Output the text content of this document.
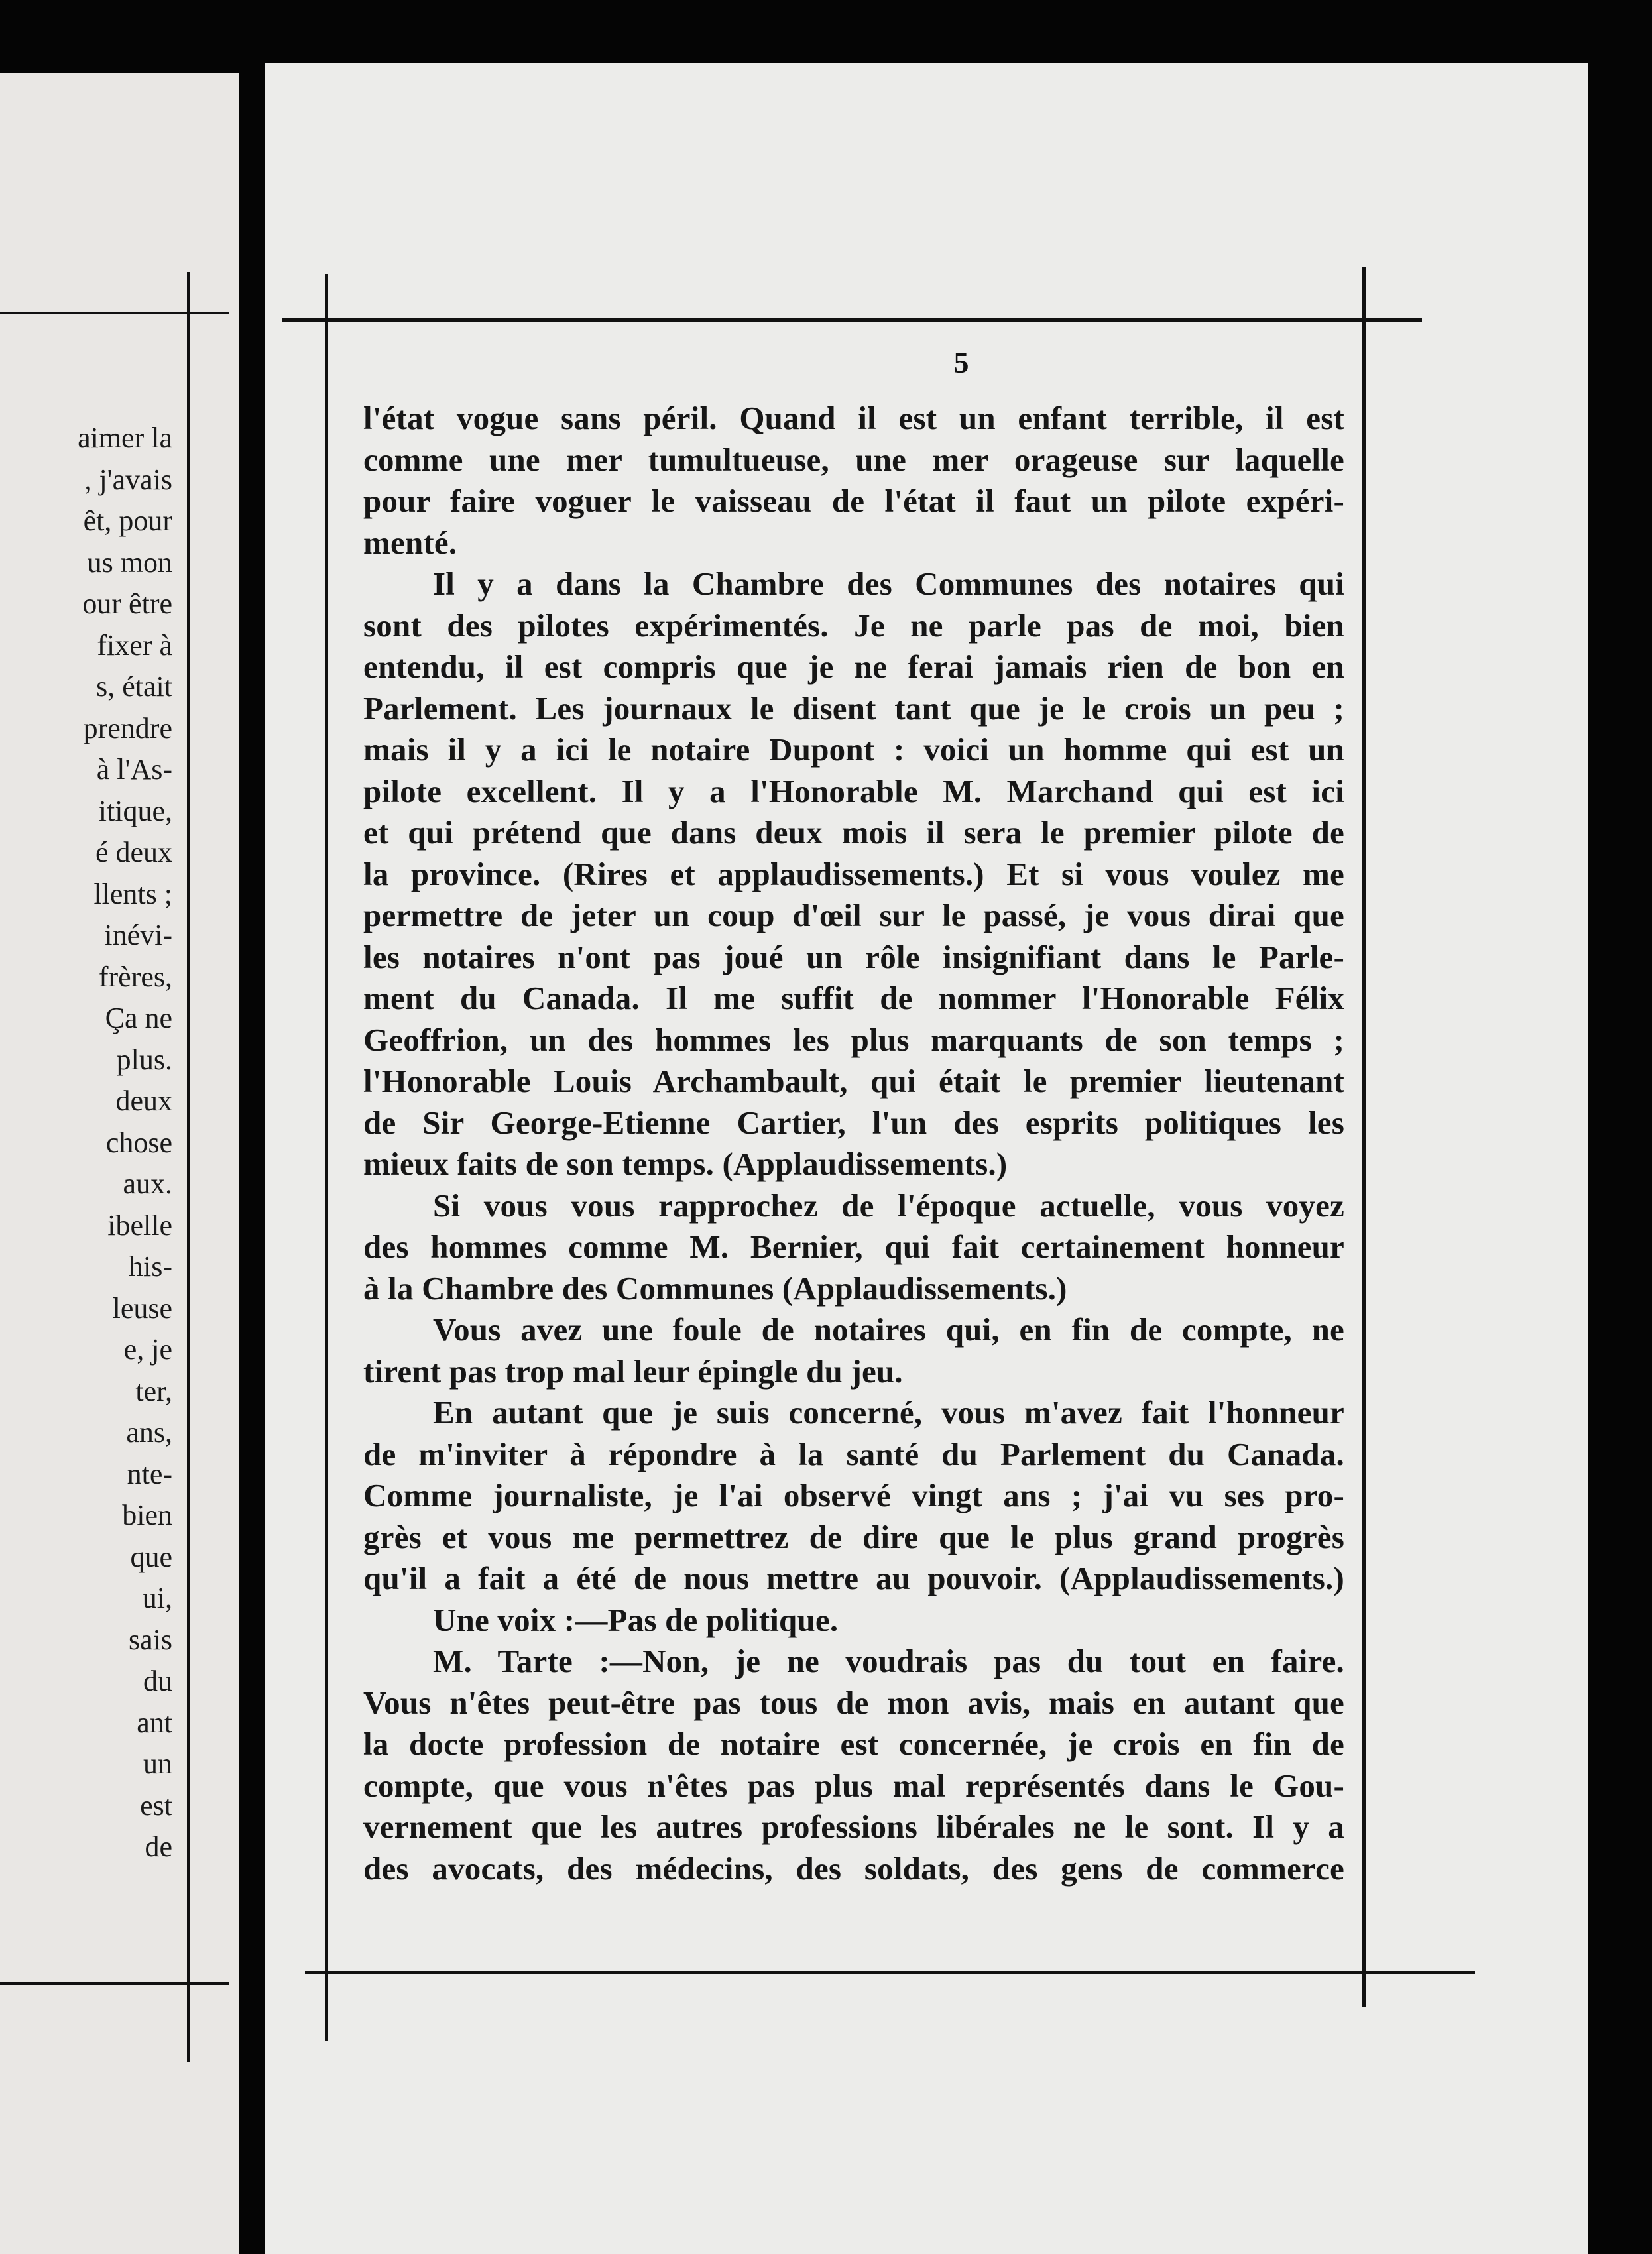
aimer la
, j'avais
êt, pour
us mon
our être
fixer à
s, était
prendre
à l'As-
itique,
é deux
llents ;
inévi-
frères,
Ça ne
plus.
deux
chose
aux.
ibelle
his-
leuse
e, je
ter,
ans,
nte-
bien
que
ui,
sais
du
ant
un
est
de
5
l'état vogue sans péril. Quand il est un enfant terrible, il est
comme une mer tumultueuse, une mer orageuse sur laquelle
pour faire voguer le vaisseau de l'état il faut un pilote expéri-
menté.
Il y a dans la Chambre des Communes des notaires qui
sont des pilotes expérimentés. Je ne parle pas de moi, bien
entendu, il est compris que je ne ferai jamais rien de bon en
Parlement. Les journaux le disent tant que je le crois un peu ;
mais il y a ici le notaire Dupont : voici un homme qui est un
pilote excellent. Il y a l'Honorable M. Marchand qui est ici
et qui prétend que dans deux mois il sera le premier pilote de
la province. (Rires et applaudissements.) Et si vous voulez me
permettre de jeter un coup d'œil sur le passé, je vous dirai que
les notaires n'ont pas joué un rôle insignifiant dans le Parle-
ment du Canada. Il me suffit de nommer l'Honorable Félix
Geoffrion, un des hommes les plus marquants de son temps ;
l'Honorable Louis Archambault, qui était le premier lieutenant
de Sir George-Etienne Cartier, l'un des esprits politiques les
mieux faits de son temps. (Applaudissements.)
Si vous vous rapprochez de l'époque actuelle, vous voyez
des hommes comme M. Bernier, qui fait certainement honneur
à la Chambre des Communes (Applaudissements.)
Vous avez une foule de notaires qui, en fin de compte, ne
tirent pas trop mal leur épingle du jeu.
En autant que je suis concerné, vous m'avez fait l'honneur
de m'inviter à répondre à la santé du Parlement du Canada.
Comme journaliste, je l'ai observé vingt ans ; j'ai vu ses pro-
grès et vous me permettrez de dire que le plus grand progrès
qu'il a fait a été de nous mettre au pouvoir. (Applaudissements.)
Une voix :—Pas de politique.
M. Tarte :—Non, je ne voudrais pas du tout en faire.
Vous n'êtes peut-être pas tous de mon avis, mais en autant que
la docte profession de notaire est concernée, je crois en fin de
compte, que vous n'êtes pas plus mal représentés dans le Gou-
vernement que les autres professions libérales ne le sont. Il y a
des avocats, des médecins, des soldats, des gens de commerce
